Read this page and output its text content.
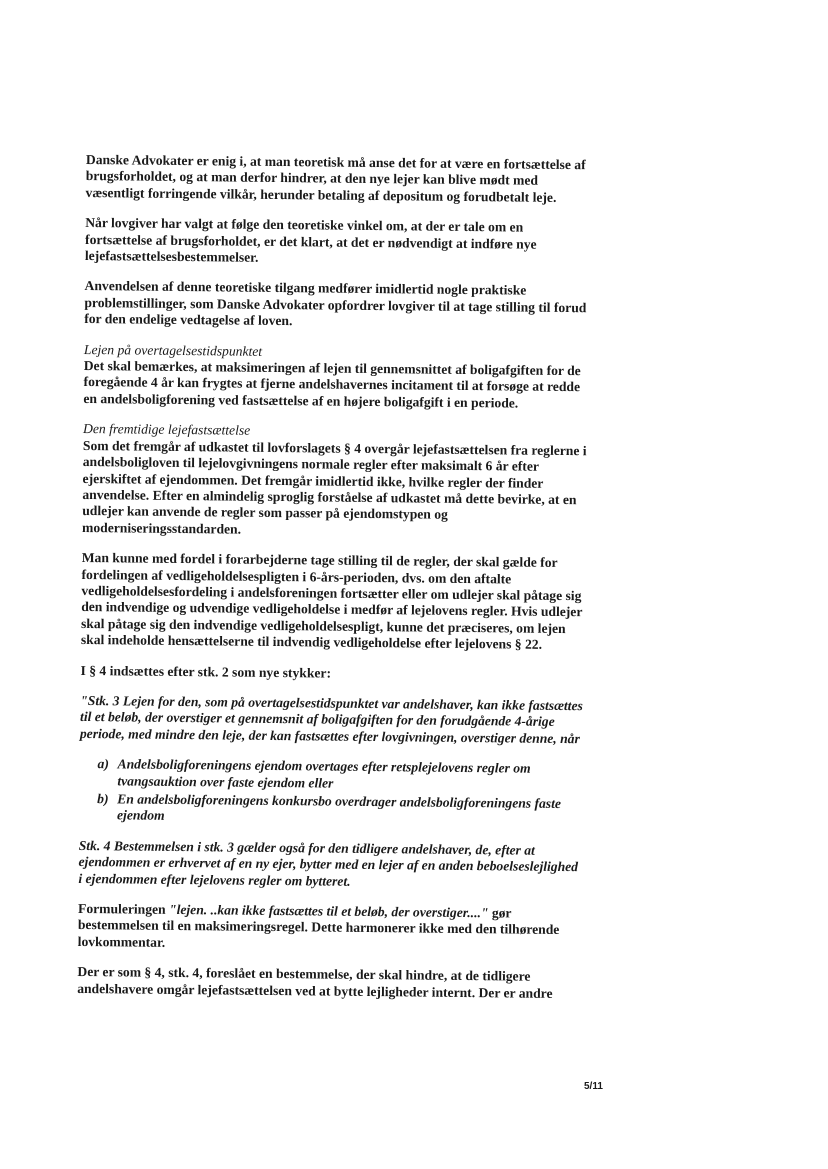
Danske Advokater er enig i, at man teoretisk må anse det for at være en fortsættelse af brugsforholdet, og at man derfor hindrer, at den nye lejer kan blive mødt med væsentligt forringende vilkår, herunder betaling af depositum og forudbetalt leje.

Når lovgiver har valgt at følge den teoretiske vinkel om, at der er tale om en fortsættelse af brugsforholdet, er det klart, at det er nødvendigt at indføre nye lejefastsættelsesbestemmelser.

Anvendelsen af denne teoretiske tilgang medfører imidlertid nogle praktiske problemstillinger, som Danske Advokater opfordrer lovgiver til at tage stilling til forud for den endelige vedtagelse af loven.

Lejen på overtagelsestidspunktet
Det skal bemærkes, at maksimeringen af lejen til gennemsnittet af boligafgiften for de foregående 4 år kan frygtes at fjerne andelshavernes incitament til at forsøge at redde en andelsboligforening ved fastsættelse af en højere boligafgift i en periode.

Den fremtidige lejefastsættelse
Som det fremgår af udkastet til lovforslagets § 4 overgår lejefastsættelsen fra reglerne i andelsboligloven til lejelovgivningens normale regler efter maksimalt 6 år efter ejerskiftet af ejendommen. Det fremgår imidlertid ikke, hvilke regler der finder anvendelse. Efter en almindelig sproglig forståelse af udkastet må dette bevirke, at en udlejer kan anvende de regler som passer på ejendomstypen og moderniseringsstandarden.

Man kunne med fordel i forarbejderne tage stilling til de regler, der skal gælde for fordelingen af vedligeholdelsespligten i 6-års-perioden, dvs. om den aftalte vedligeholdelsesfordeling i andelsforeningen fortsætter eller om udlejer skal påtage sig den indvendige og udvendige vedligeholdelse i medfør af lejelovens regler. Hvis udlejer skal påtage sig den indvendige vedligeholdelsespligt, kunne det præciseres, om lejen skal indeholde hensættelserne til indvendig vedligeholdelse efter lejelovens § 22.

I § 4 indsættes efter stk. 2 som nye stykker:

"Stk. 3 Lejen for den, som på overtagelsestidspunktet var andelshaver, kan ikke fastsættes til et beløb, der overstiger et gennemsnit af boligafgiften for den forudgående 4-årige periode, med mindre den leje, der kan fastsættes efter lovgivningen, overstiger denne, når

a) Andelsboligforeningens ejendom overtages efter retsplejelovens regler om tvangsauktion over faste ejendom eller
b) En andelsboligforeningens konkursbo overdrager andelsboligforeningens faste ejendom

Stk. 4 Bestemmelsen i stk. 3 gælder også for den tidligere andelshaver, de, efter at ejendommen er erhvervet af en ny ejer, bytter med en lejer af en anden beboelseslejlighed i ejendommen efter lejelovens regler om bytteret.

Formuleringen "lejen. ..kan ikke fastsættes til et beløb, der overstiger...." gør bestemmelsen til en maksimeringsregel. Dette harmonerer ikke med den tilhørende lovkommentar.

Der er som § 4, stk. 4, foreslået en bestemmelse, der skal hindre, at de tidligere andelshavere omgår lejefastsættelsen ved at bytte lejligheder internt. Der er andre

5/11
